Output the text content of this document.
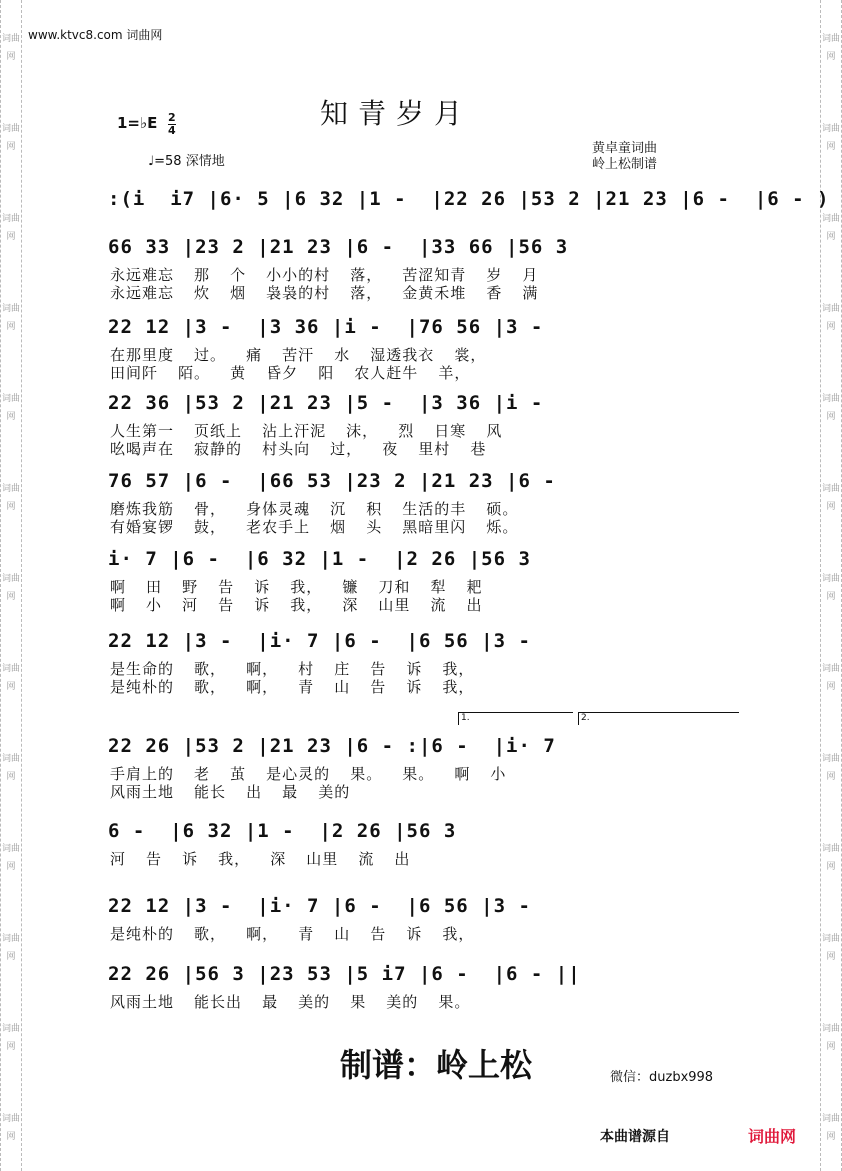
词曲网
词曲网
词曲网
词曲网
词曲网
词曲网
词曲网
词曲网
词曲网
词曲网
词曲网
词曲网
词曲网
词曲网
词曲网
词曲网
词曲网
词曲网
词曲网
词曲网
词曲网
词曲网
词曲网
词曲网
词曲网
词曲网
www.ktvc8.com 词曲网
1=♭E $\frac{2}{4}$	知青岁月
黄卓童词曲
岭上松制谱
♩=58 深情地
:(i  i7 |6· 5 |6 32 |1 -  |22 26 |53 2 |21 23 |6 -  |6 - )
66 33 |23 2 |21 23 |6 -  |33 66 |56 3
永远难忘  那  个  小小的村  落，  苦涩知青  岁  月
永远难忘  炊  烟  袅袅的村  落，  金黄禾堆  香  满
22 12 |3 -  |3 36 |i -  |76 56 |3 -
在那里度  过。  痛  苦汗  水  湿透我衣  裳，
田间阡  陌。  黄  昏夕  阳  农人赶牛  羊，
22 36 |53 2 |21 23 |5 -  |3 36 |i -
人生第一  页纸上  沾上汗泥  沫，  烈  日寒  风
吆喝声在  寂静的  村头向  过，  夜  里村  巷
76 57 |6 -  |66 53 |23 2 |21 23 |6 -
磨炼我筋  骨，  身体灵魂  沉  积  生活的丰  硕。
有婚宴锣  鼓，  老农手上  烟  头  黑暗里闪  烁。
i· 7 |6 -  |6 32 |1 -  |2 26 |56 3
啊  田  野  告  诉  我，  镰  刀和  犁  耙
啊  小  河  告  诉  我，  深  山里  流  出
22 12 |3 -  |i· 7 |6 -  |6 56 |3 -
是生命的  歌，  啊，  村  庄  告  诉  我，
是纯朴的  歌，  啊，  青  山  告  诉  我，
22 26 |53 2 |21 23 |6 - :|6 -  |i· 7
手肩上的  老  茧  是心灵的  果。  果。  啊  小
风雨土地  能长  出  最  美的
6 -  |6 32 |1 -  |2 26 |56 3
河  告  诉  我，  深  山里  流  出
22 12 |3 -  |i· 7 |6 -  |6 56 |3 -
是纯朴的  歌，  啊，  青  山  告  诉  我，
22 26 |56 3 |23 53 |5 i7 |6 -  |6 - ||
风雨土地  能长出  最  美的  果  美的  果。
1.	2.
制谱：岭上松	微信：duzbx998
本曲谱源自	词曲网
